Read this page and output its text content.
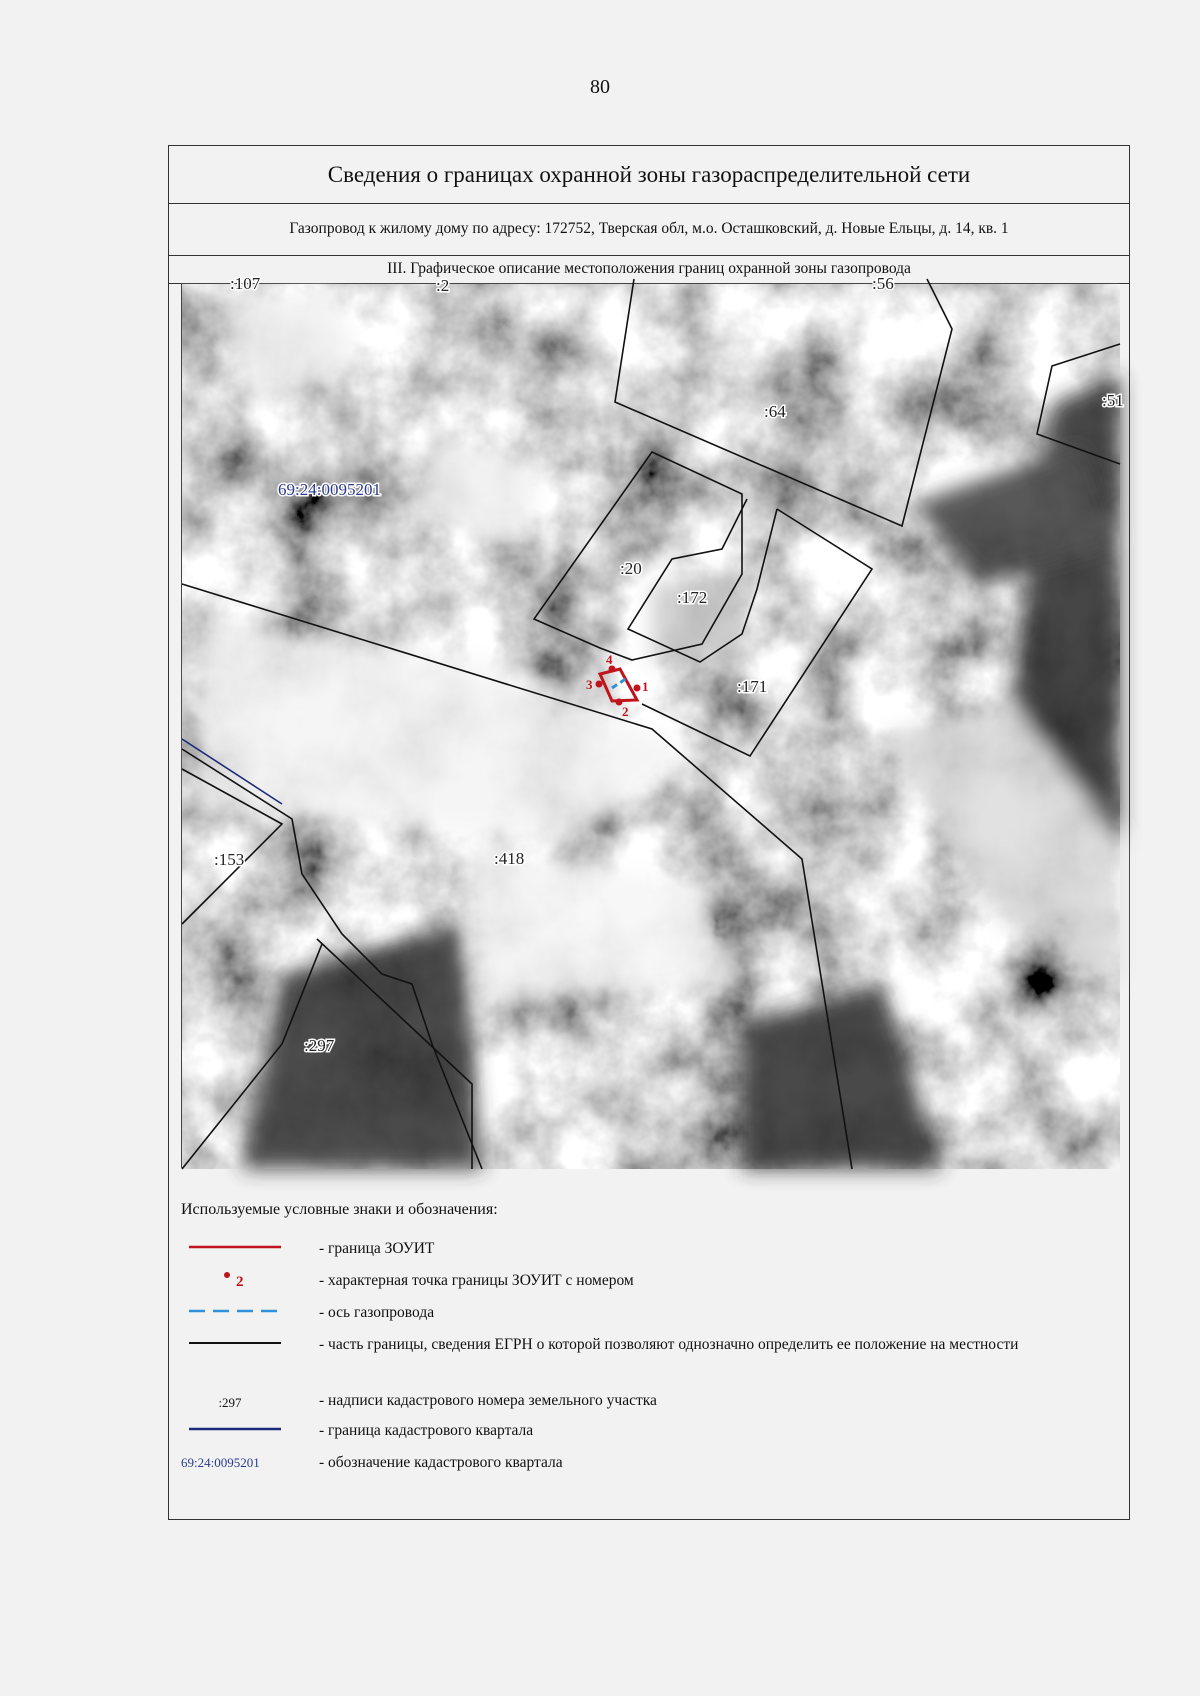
80
Сведения о границах охранной зоны газораспределительной сети
Газопровод к жилому дому по адресу: 172752, Тверская обл, м.о. Осташковский, д. Новые Ельцы, д. 14, кв. 1
III. Графическое описание местоположения границ охранной зоны газопровода
1
2
3
4
:107	:2	:56
:64
:51
:20
:172
:171
:153	:418
:297
69:24:0095201
Используемые условные знаки и обозначения:
- граница ЗОУИТ
2	- характерная точка границы ЗОУИТ с номером
- ось газопровода
- часть границы, сведения ЕГРН о которой позволяют однозначно определить ее положение на местности
:297	- надписи кадастрового номера земельного участка
- граница кадастрового квартала
69:24:0095201	- обозначение кадастрового квартала
